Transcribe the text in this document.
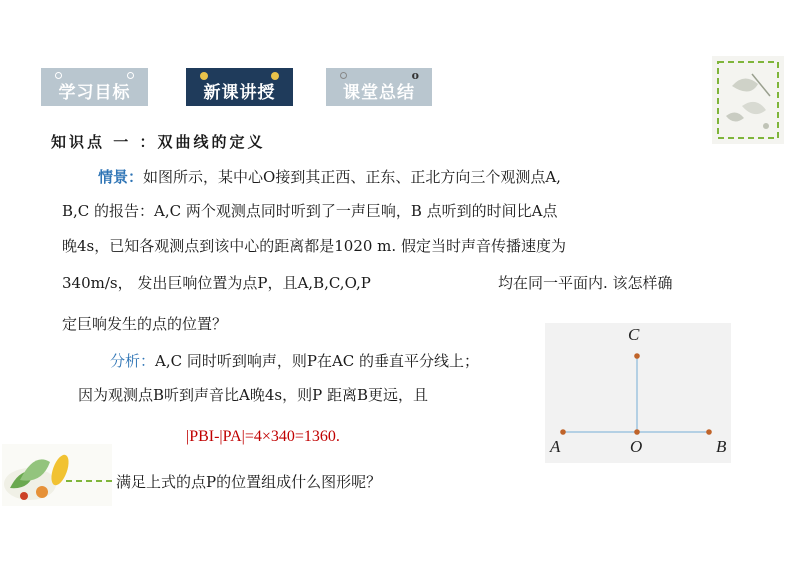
学习目标	新课讲授
o
课堂总结
知识点 一 ：双曲线的定义
情景：如图所示，某中心O接到其正西、正东、正北方向三个观测点A,
B,C 的报告：A,C 两个观测点同时听到了一声巨响，B 点听到的时间比A点
晚4s，已知各观测点到该中心的距离都是1020 m. 假定当时声音传播速度为
340m/s， 发出巨响位置为点P，且A,B,C,O,P	均在同一平面内. 该怎样确
定巨响发生的点的位置？
分析：A,C 同时听到响声，则P在AC 的垂直平分线上；
因为观测点B听到声音比A晚4s，则P 距离B更远，且
|PBI-|PA|=4×340=1360.
满足上式的点P的位置组成什么图形呢？
C
A	O	B
